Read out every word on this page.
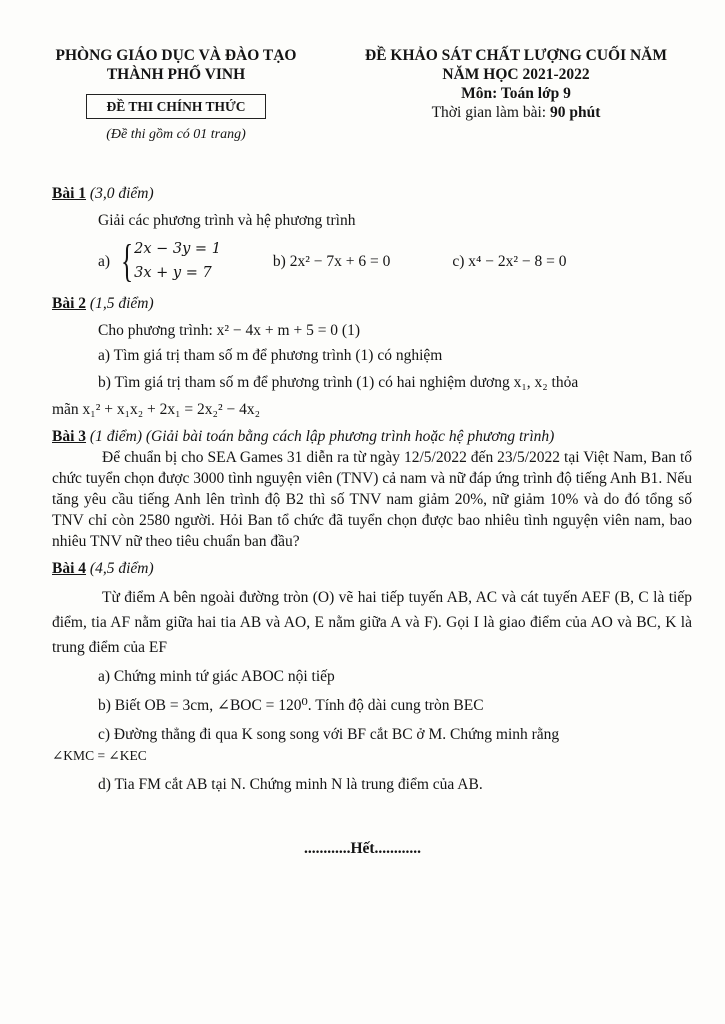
PHÒNG GIÁO DỤC VÀ ĐÀO TẠO
THÀNH PHỐ VINH
ĐỀ THI CHÍNH THỨC
(Đề thi gồm có 01 trang)
ĐỀ KHẢO SÁT CHẤT LƯỢNG CUỐI NĂM
NĂM HỌC 2021-2022
Môn: Toán lớp 9
Thời gian làm bài: 90 phút

Bài 1 (3,0 điểm)

Giải các phương trình và hệ phương trình

a) { 2x − 3y = 1
3x + y = 7
b) 2x² − 7x + 6 = 0	c) x⁴ − 2x² − 8 = 0

Bài 2 (1,5 điểm)

Cho phương trình: x² − 4x + m + 5 = 0 (1)

a) Tìm giá trị tham số m để phương trình (1) có nghiệm

b) Tìm giá trị tham số m để phương trình (1) có hai nghiệm dương x₁, x₂ thỏa

mãn x₁² + x₁x₂ + 2x₁ = 2x₂² − 4x₂

Bài 3 (1 điểm) (Giải bài toán bằng cách lập phương trình hoặc hệ phương trình)

Để chuẩn bị cho SEA Games 31 diễn ra từ ngày 12/5/2022 đến 23/5/2022 tại Việt Nam, Ban tổ chức tuyển chọn được 3000 tình nguyện viên (TNV) cả nam và nữ đáp ứng trình độ tiếng Anh B1. Nếu tăng yêu cầu tiếng Anh lên trình độ B2 thì số TNV nam giảm 20%, nữ giảm 10% và do đó tổng số TNV chỉ còn 2580 người. Hỏi Ban tổ chức đã tuyển chọn được bao nhiêu tình nguyện viên nam, bao nhiêu TNV nữ theo tiêu chuẩn ban đầu?

Bài 4 (4,5 điểm)

Từ điểm A bên ngoài đường tròn (O) vẽ hai tiếp tuyến AB, AC và cát tuyến AEF (B, C là tiếp điểm, tia AF nằm giữa hai tia AB và AO, E nằm giữa A và F). Gọi I là giao điểm của AO và BC, K là trung điểm của EF

a) Chứng minh tứ giác ABOC nội tiếp

b) Biết OB = 3cm, ∠BOC = 120⁰. Tính độ dài cung tròn BEC

c) Đường thẳng đi qua K song song với BF cắt BC ở M. Chứng minh rằng

∠KMC = ∠KEC

d) Tia FM cắt AB tại N. Chứng minh N là trung điểm của AB.

............Hết............
